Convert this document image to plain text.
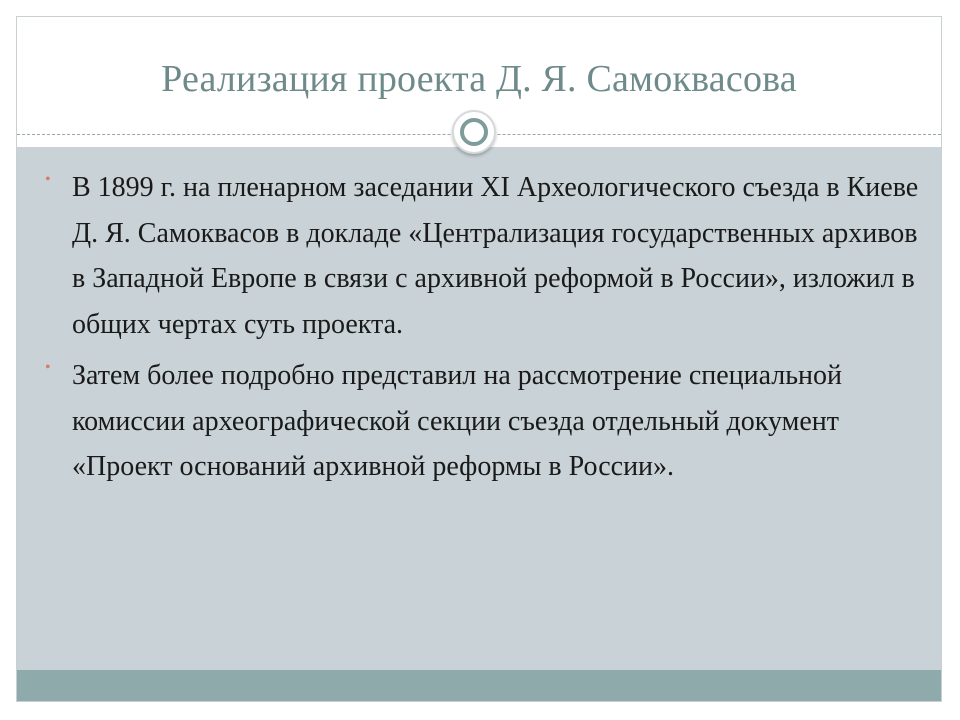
Реализация проекта Д. Я. Самоквасова
• В 1899 г. на пленарном заседании XI Археологического съезда в Киеве Д. Я. Самоквасов в докладе «Централизация государственных архивов в Западной Европе в связи с архивной реформой в России», изложил в общих чертах суть проекта.
• Затем более подробно представил на рассмотрение специальной комиссии археографической секции съезда отдельный документ «Проект оснований архивной реформы в России».
